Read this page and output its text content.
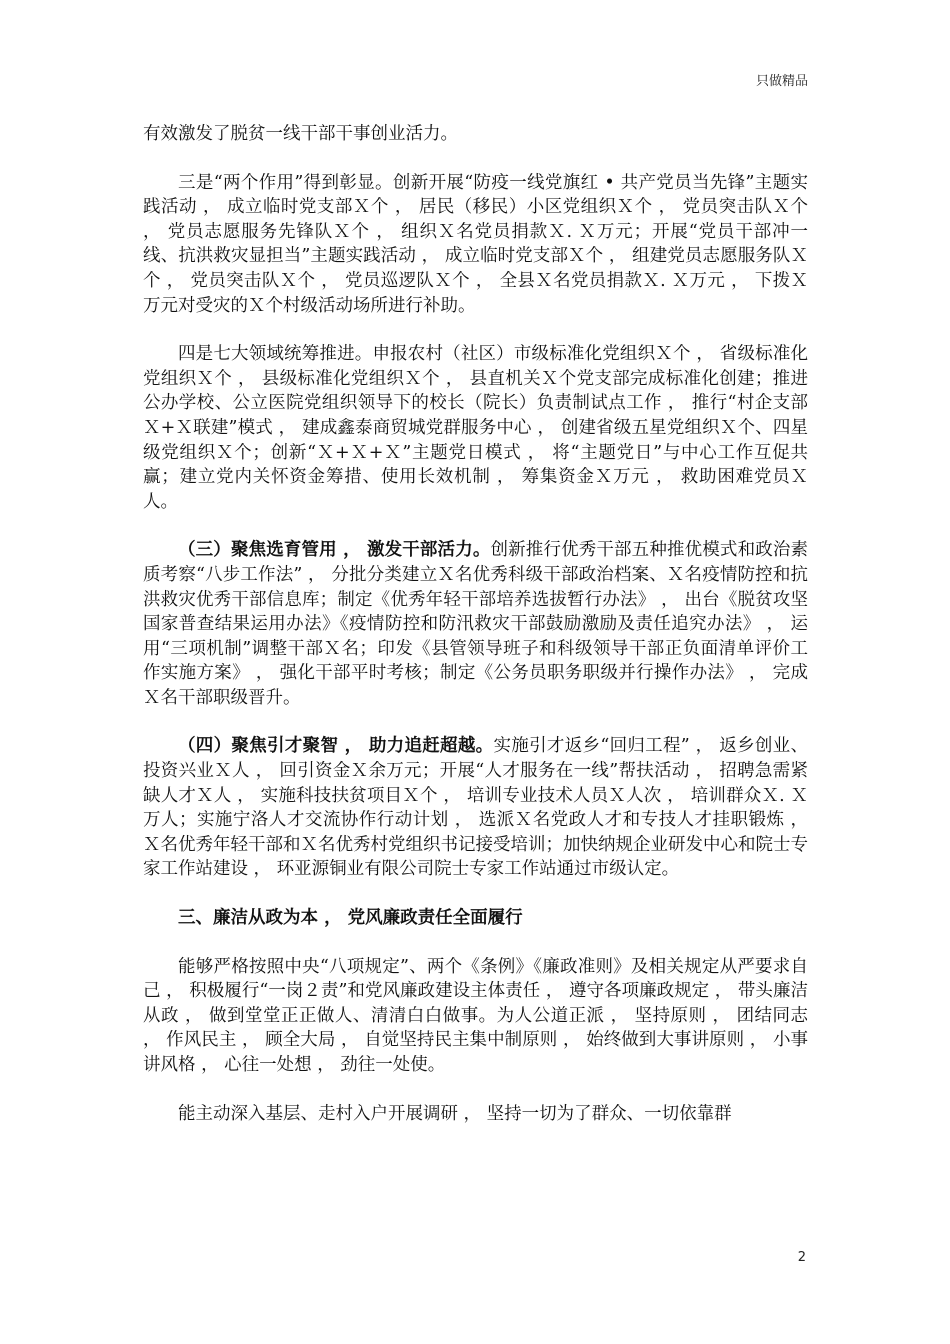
只做精品

有效激发了脱贫一线干部干事创业活力。

三是“两个作用”得到彰显。创新开展“防疫一线党旗红 • 共产党员当先锋”主题实践活动 ， 成立临时党支部Ｘ个 ， 居民（移民）小区党组织Ｘ个 ， 党员突击队Ｘ个 ， 党员志愿服务先锋队Ｘ个 ， 组织Ｘ名党员捐款Ｘ. Ｘ万元；开展“党员干部冲一线、抗洪救灾显担当”主题实践活动 ， 成立临时党支部Ｘ个 ， 组建党员志愿服务队Ｘ个 ， 党员突击队Ｘ个 ， 党员巡逻队Ｘ个 ， 全县Ｘ名党员捐款Ｘ. Ｘ万元 ， 下拨Ｘ万元对受灾的Ｘ个村级活动场所进行补助。

四是七大领域统筹推进。申报农村（社区）市级标准化党组织Ｘ个 ， 省级标准化党组织Ｘ个 ， 县级标准化党组织Ｘ个 ， 县直机关Ｘ个党支部完成标准化创建；推进公办学校、公立医院党组织领导下的校长（院长）负责制试点工作 ， 推行“村企支部Ｘ+Ｘ联建”模式 ， 建成鑫泰商贸城党群服务中心 ， 创建省级五星党组织Ｘ个、四星级党组织Ｘ个；创新“Ｘ+Ｘ+Ｘ”主题党日模式 ， 将“主题党日”与中心工作互促共赢；建立党内关怀资金筹措、使用长效机制 ， 筹集资金Ｘ万元 ， 救助困难党员Ｘ人。

（三）聚焦选育管用 ， 激发干部活力。创新推行优秀干部五种推优模式和政治素质考察“八步工作法” ， 分批分类建立Ｘ名优秀科级干部政治档案、Ｘ名疫情防控和抗洪救灾优秀干部信息库；制定《优秀年轻干部培养选拔暂行办法》 ， 出台《脱贫攻坚国家普查结果运用办法》《疫情防控和防汛救灾干部鼓励激励及责任追究办法》 ， 运用“三项机制”调整干部Ｘ名；印发《县管领导班子和科级领导干部正负面清单评价工作实施方案》 ， 强化干部平时考核；制定《公务员职务职级并行操作办法》 ， 完成Ｘ名干部职级晋升。

（四）聚焦引才聚智 ， 助力追赶超越。实施引才返乡“回归工程” ， 返乡创业、投资兴业Ｘ人 ， 回引资金Ｘ余万元；开展“人才服务在一线”帮扶活动 ， 招聘急需紧缺人才Ｘ人 ， 实施科技扶贫项目Ｘ个 ， 培训专业技术人员Ｘ人次 ， 培训群众Ｘ. Ｘ万人；实施宁洛人才交流协作行动计划 ， 选派Ｘ名党政人才和专技人才挂职锻炼 ， Ｘ名优秀年轻干部和Ｘ名优秀村党组织书记接受培训；加快纳规企业研发中心和院士专家工作站建设 ， 环亚源铜业有限公司院士专家工作站通过市级认定。

三、廉洁从政为本 ， 党风廉政责任全面履行

能够严格按照中央“八项规定”、两个《条例》《廉政准则》及相关规定从严要求自己 ， 积极履行“一岗２责”和党风廉政建设主体责任 ， 遵守各项廉政规定 ， 带头廉洁从政 ， 做到堂堂正正做人、清清白白做事。为人公道正派 ， 坚持原则 ， 团结同志 ， 作风民主 ， 顾全大局 ， 自觉坚持民主集中制原则 ， 始终做到大事讲原则 ， 小事讲风格 ， 心往一处想 ， 劲往一处使。

能主动深入基层、走村入户开展调研 ， 坚持一切为了群众、一切依靠群

2
